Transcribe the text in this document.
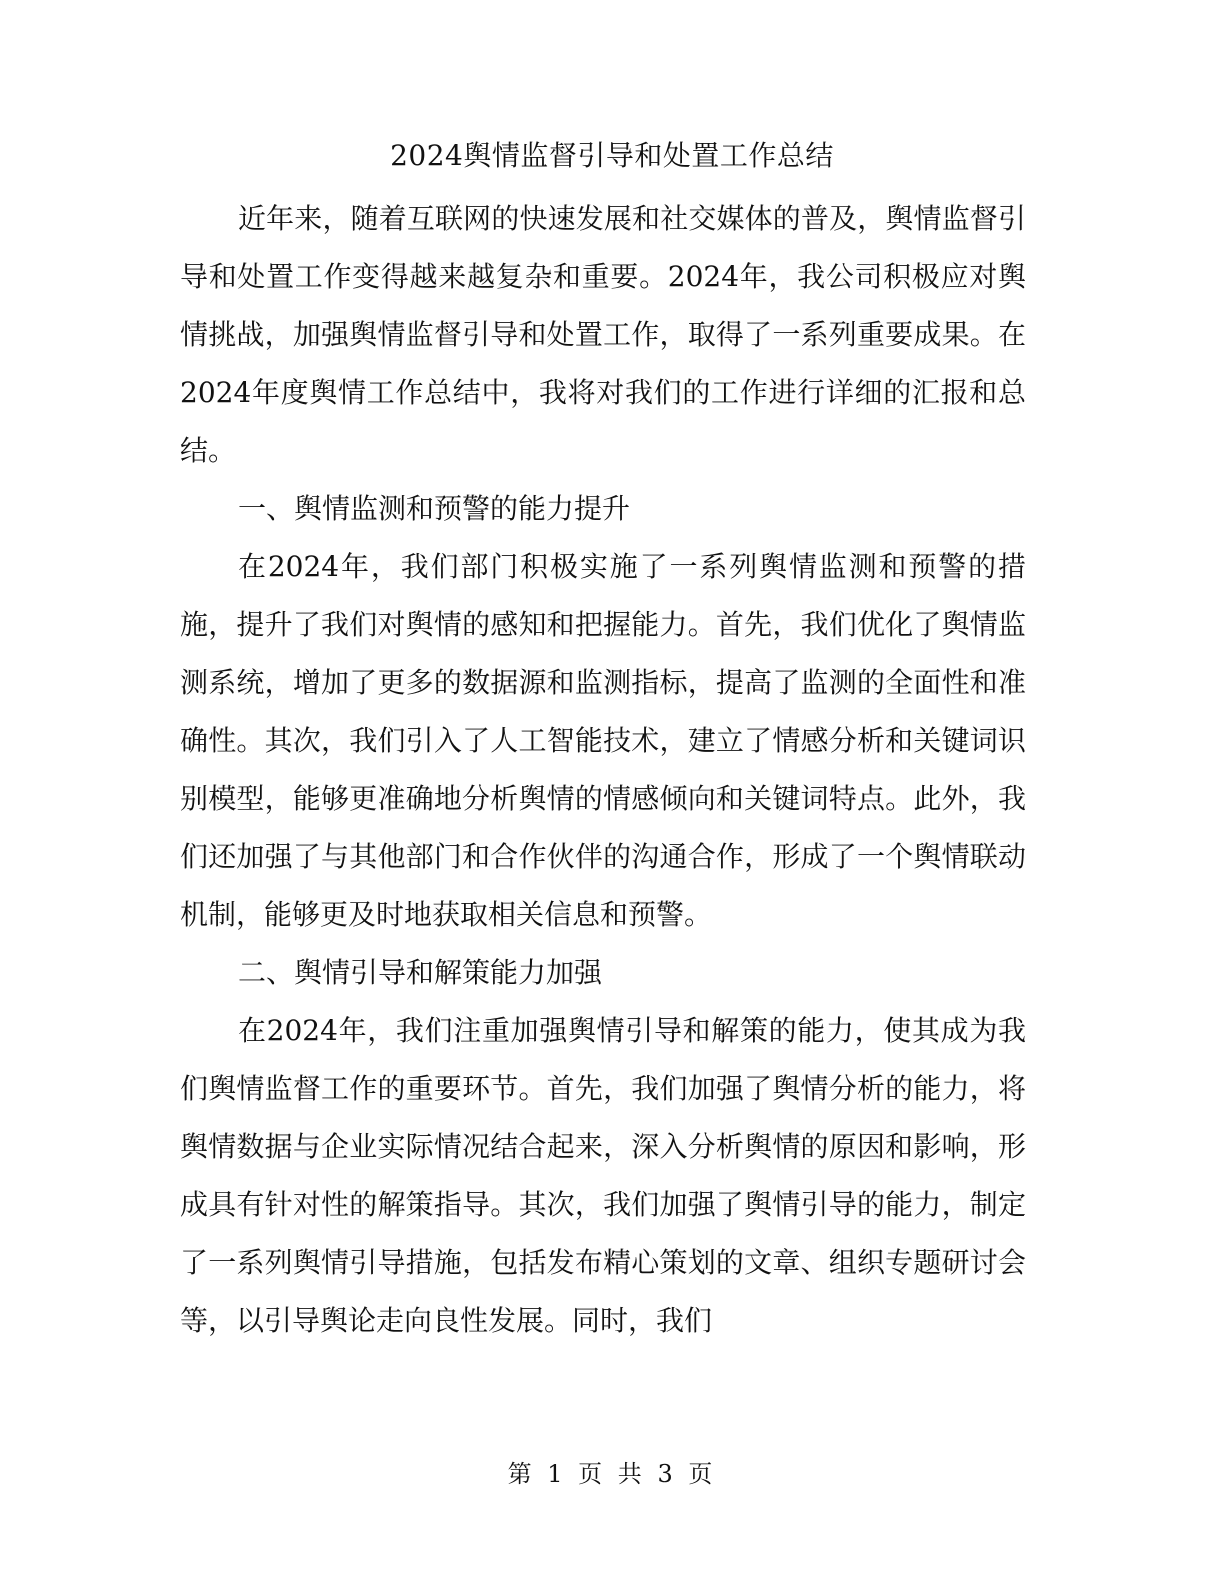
2024舆情监督引导和处置工作总结

近年来，随着互联网的快速发展和社交媒体的普及，舆情监督引导和处置工作变得越来越复杂和重要。2024年，我公司积极应对舆情挑战，加强舆情监督引导和处置工作，取得了一系列重要成果。在2024年度舆情工作总结中，我将对我们的工作进行详细的汇报和总结。

一、舆情监测和预警的能力提升

在2024年，我们部门积极实施了一系列舆情监测和预警的措施，提升了我们对舆情的感知和把握能力。首先，我们优化了舆情监测系统，增加了更多的数据源和监测指标，提高了监测的全面性和准确性。其次，我们引入了人工智能技术，建立了情感分析和关键词识别模型，能够更准确地分析舆情的情感倾向和关键词特点。此外，我们还加强了与其他部门和合作伙伴的沟通合作，形成了一个舆情联动机制，能够更及时地获取相关信息和预警。

二、舆情引导和解策能力加强

在2024年，我们注重加强舆情引导和解策的能力，使其成为我们舆情监督工作的重要环节。首先，我们加强了舆情分析的能力，将舆情数据与企业实际情况结合起来，深入分析舆情的原因和影响，形成具有针对性的解策指导。其次，我们加强了舆情引导的能力，制定了一系列舆情引导措施，包括发布精心策划的文章、组织专题研讨会等，以引导舆论走向良性发展。同时，我们

第 1 页 共 3 页
